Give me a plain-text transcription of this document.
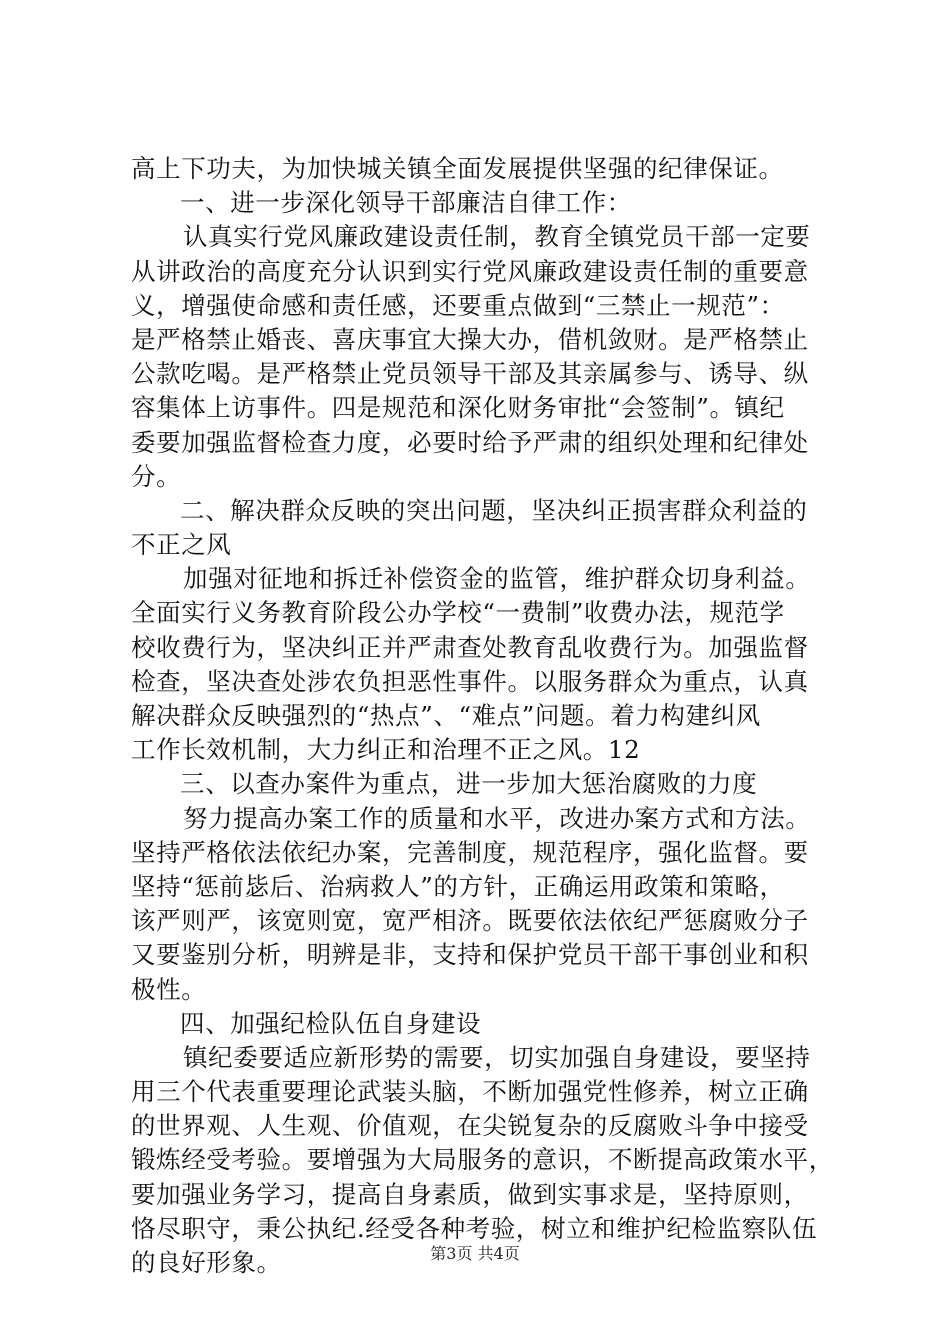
高上下功夫，为加快城关镇全面发展提供坚强的纪律保证。
一、进一步深化领导干部廉洁自律工作：
认真实行党风廉政建设责任制，教育全镇党员干部一定要
从讲政治的高度充分认识到实行党风廉政建设责任制的重要意
义，增强使命感和责任感，还要重点做到“三禁止一规范”：
是严格禁止婚丧、喜庆事宜大操大办，借机敛财。是严格禁止
公款吃喝。是严格禁止党员领导干部及其亲属参与、诱导、纵
容集体上访事件。四是规范和深化财务审批“会签制”。镇纪
委要加强监督检查力度，必要时给予严肃的组织处理和纪律处
分。
二、解决群众反映的突出问题，坚决纠正损害群众利益的
不正之风
加强对征地和拆迁补偿资金的监管，维护群众切身利益。
全面实行义务教育阶段公办学校“一费制”收费办法，规范学
校收费行为，坚决纠正并严肃查处教育乱收费行为。加强监督
检查，坚决查处涉农负担恶性事件。以服务群众为重点，认真
解决群众反映强烈的“热点”、“难点”问题。着力构建纠风
工作长效机制，大力纠正和治理不正之风。12
三、以查办案件为重点，进一步加大惩治腐败的力度
努力提高办案工作的质量和水平，改进办案方式和方法。
坚持严格依法依纪办案，完善制度，规范程序，强化监督。要
坚持“惩前毖后、治病救人”的方针，正确运用政策和策略，
该严则严，该宽则宽，宽严相济。既要依法依纪严惩腐败分子
又要鉴别分析，明辨是非，支持和保护党员干部干事创业和积
极性。
四、加强纪检队伍自身建设
镇纪委要适应新形势的需要，切实加强自身建设，要坚持
用三个代表重要理论武装头脑，不断加强党性修养，树立正确
的世界观、人生观、价值观，在尖锐复杂的反腐败斗争中接受
锻炼经受考验。要增强为大局服务的意识，不断提高政策水平，
要加强业务学习，提高自身素质，做到实事求是，坚持原则，
恪尽职守，秉公执纪.经受各种考验，树立和维护纪检监察队伍
的良好形象。	第3页 共4页
